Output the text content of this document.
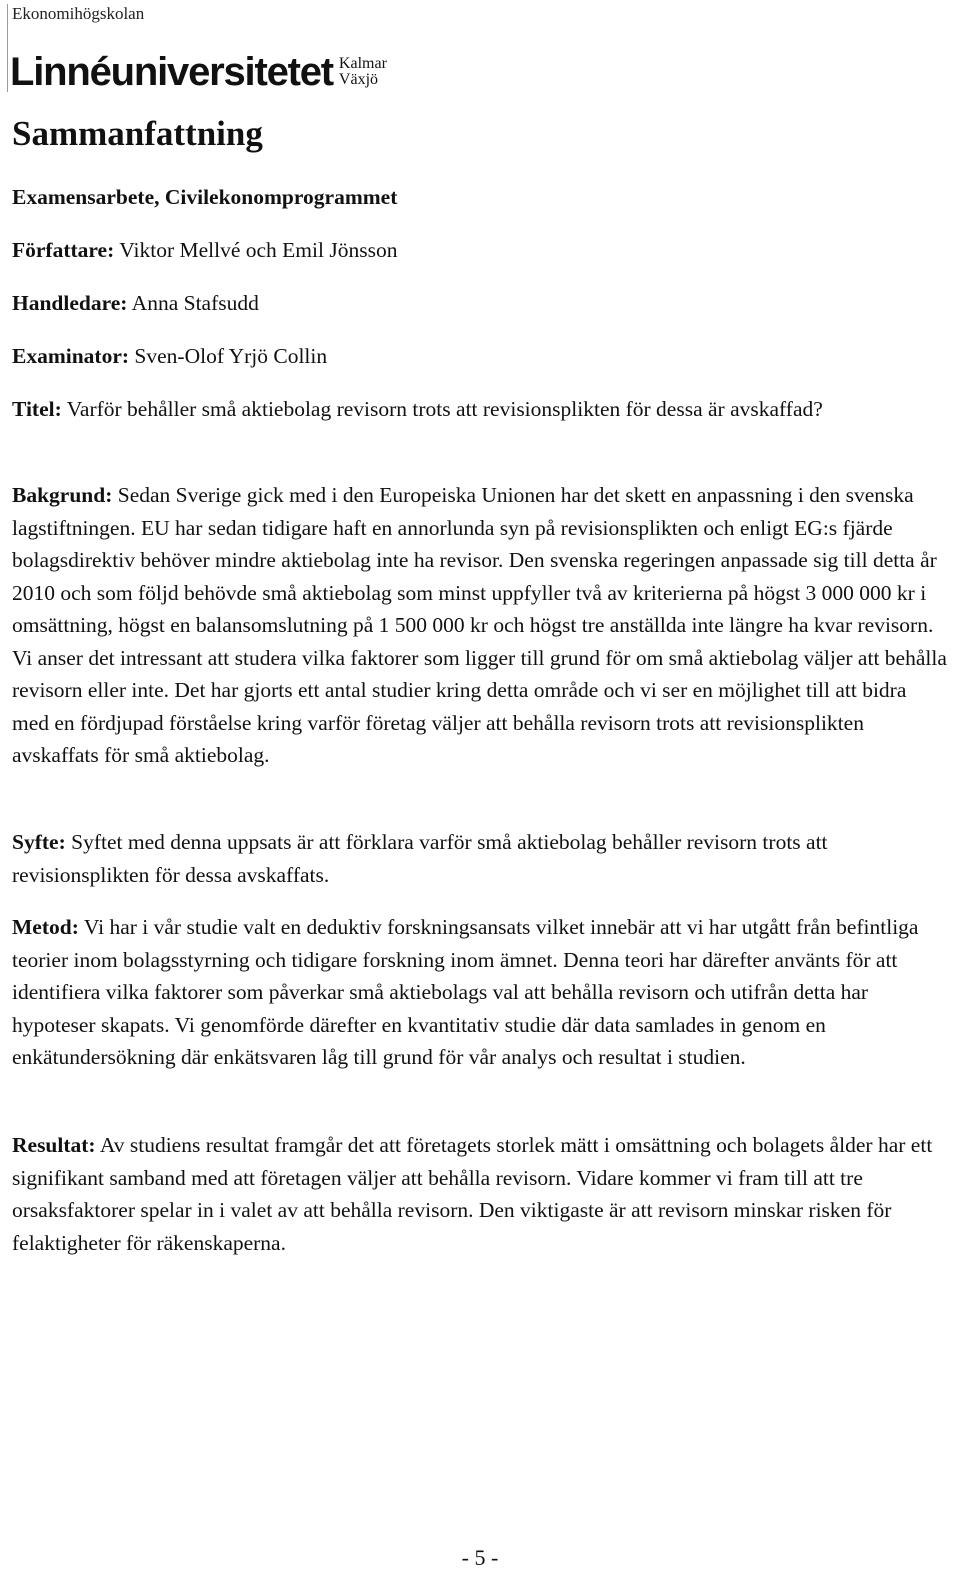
Ekonomihögskolan
Linnéuniversitetet Kalmar
Växjö
Sammanfattning

Examensarbete, Civilekonomprogrammet

Författare: Viktor Mellvé och Emil Jönsson

Handledare: Anna Stafsudd

Examinator: Sven-Olof Yrjö Collin

Titel: Varför behåller små aktiebolag revisorn trots att revisionsplikten för dessa är avskaffad?

Bakgrund: Sedan Sverige gick med i den Europeiska Unionen har det skett en anpassning i den svenska lagstiftningen. EU har sedan tidigare haft en annorlunda syn på revisionsplikten och enligt EG:s fjärde bolagsdirektiv behöver mindre aktiebolag inte ha revisor. Den svenska regeringen anpassade sig till detta år 2010 och som följd behövde små aktiebolag som minst uppfyller två av kriterierna på högst 3 000 000 kr i omsättning, högst en balansomslutning på 1 500 000 kr och högst tre anställda inte längre ha kvar revisorn. Vi anser det intressant att studera vilka faktorer som ligger till grund för om små aktiebolag väljer att behålla revisorn eller inte. Det har gjorts ett antal studier kring detta område och vi ser en möjlighet till att bidra med en fördjupad förståelse kring varför företag väljer att behålla revisorn trots att revisionsplikten avskaffats för små aktiebolag.

Syfte: Syftet med denna uppsats är att förklara varför små aktiebolag behåller revisorn trots att revisionsplikten för dessa avskaffats.

Metod: Vi har i vår studie valt en deduktiv forskningsansats vilket innebär att vi har utgått från befintliga teorier inom bolagsstyrning och tidigare forskning inom ämnet. Denna teori har därefter använts för att identifiera vilka faktorer som påverkar små aktiebolags val att behålla revisorn och utifrån detta har hypoteser skapats. Vi genomförde därefter en kvantitativ studie där data samlades in genom en enkätundersökning där enkätsvaren låg till grund för vår analys och resultat i studien.

Resultat: Av studiens resultat framgår det att företagets storlek mätt i omsättning och bolagets ålder har ett signifikant samband med att företagen väljer att behålla revisorn. Vidare kommer vi fram till att tre orsaksfaktorer spelar in i valet av att behålla revisorn. Den viktigaste är att revisorn minskar risken för felaktigheter för räkenskaperna.

- 5 -
